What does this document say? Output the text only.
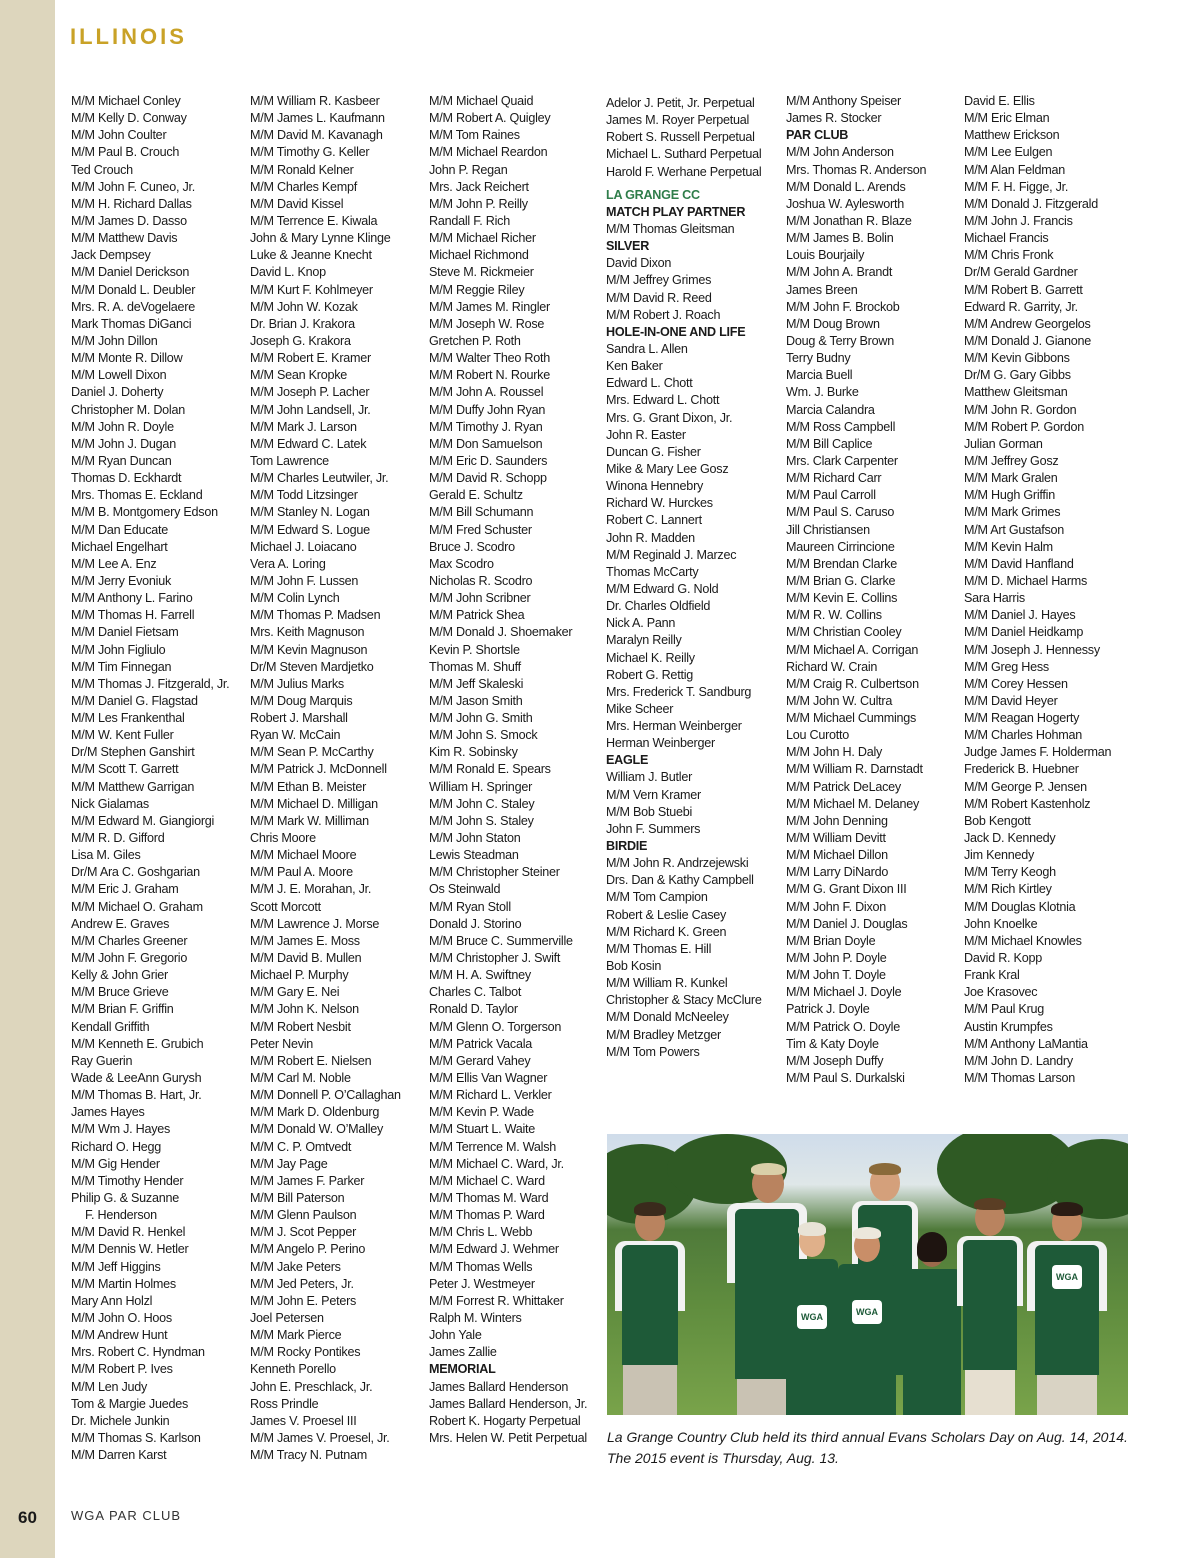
ILLINOIS
M/M Michael Conley
M/M Kelly D. Conway
M/M John Coulter
M/M Paul B. Crouch
Ted Crouch
M/M John F. Cuneo, Jr.
M/M H. Richard Dallas
M/M James D. Dasso
M/M Matthew Davis
Jack Dempsey
M/M Daniel Derickson
M/M Donald L. Deubler
Mrs. R. A. deVogelaere
Mark Thomas DiGanci
M/M John Dillon
M/M Monte R. Dillow
M/M Lowell Dixon
Daniel J. Doherty
Christopher M. Dolan
M/M John R. Doyle
M/M John J. Dugan
M/M Ryan Duncan
Thomas D. Eckhardt
Mrs. Thomas E. Eckland
M/M B. Montgomery Edson
M/M Dan Educate
Michael Engelhart
M/M Lee A. Enz
M/M Jerry Evoniuk
M/M Anthony L. Farino
M/M Thomas H. Farrell
M/M Daniel Fietsam
M/M John Figliulo
M/M Tim Finnegan
M/M Thomas J. Fitzgerald, Jr.
M/M Daniel G. Flagstad
M/M Les Frankenthal
M/M W. Kent Fuller
Dr/M Stephen Ganshirt
M/M Scott T. Garrett
M/M Matthew Garrigan
Nick Gialamas
M/M Edward M. Giangiorgi
M/M R. D. Gifford
Lisa M. Giles
Dr/M Ara C. Goshgarian
M/M Eric J. Graham
M/M Michael O. Graham
Andrew E. Graves
M/M Charles Greener
M/M John F. Gregorio
Kelly & John Grier
M/M Bruce Grieve
M/M Brian F. Griffin
Kendall Griffith
M/M Kenneth E. Grubich
Ray Guerin
Wade & LeeAnn Gurysh
M/M Thomas B. Hart, Jr.
James Hayes
M/M Wm J. Hayes
Richard O. Hegg
M/M Gig Hender
M/M Timothy Hender
Philip G. & Suzanne
F. Henderson
M/M David R. Henkel
M/M Dennis W. Hetler
M/M Jeff Higgins
M/M Martin Holmes
Mary Ann Holzl
M/M John O. Hoos
M/M Andrew Hunt
Mrs. Robert C. Hyndman
M/M Robert P. Ives
M/M Len Judy
Tom & Margie Juedes
Dr. Michele Junkin
M/M Thomas S. Karlson
M/M Darren Karst
M/M William R. Kasbeer
M/M James L. Kaufmann
M/M David M. Kavanagh
M/M Timothy G. Keller
M/M Ronald Kelner
M/M Charles Kempf
M/M David Kissel
M/M Terrence E. Kiwala
John & Mary Lynne Klinge
Luke & Jeanne Knecht
David L. Knop
M/M Kurt F. Kohlmeyer
M/M John W. Kozak
Dr. Brian J. Krakora
Joseph G. Krakora
M/M Robert E. Kramer
M/M Sean Kropke
M/M Joseph P. Lacher
M/M John Landsell, Jr.
M/M Mark J. Larson
M/M Edward C. Latek
Tom Lawrence
M/M Charles Leutwiler, Jr.
M/M Todd Litzsinger
M/M Stanley N. Logan
M/M Edward S. Logue
Michael J. Loiacano
Vera A. Loring
M/M John F. Lussen
M/M Colin Lynch
M/M Thomas P. Madsen
Mrs. Keith Magnuson
M/M Kevin Magnuson
Dr/M Steven Mardjetko
M/M Julius Marks
M/M Doug Marquis
Robert J. Marshall
Ryan W. McCain
M/M Sean P. McCarthy
M/M Patrick J. McDonnell
M/M Ethan B. Meister
M/M Michael D. Milligan
M/M Mark W. Milliman
Chris Moore
M/M Michael Moore
M/M Paul A. Moore
M/M J. E. Morahan, Jr.
Scott Morcott
M/M Lawrence J. Morse
M/M James E. Moss
M/M David B. Mullen
Michael P. Murphy
M/M Gary E. Nei
M/M John K. Nelson
M/M Robert Nesbit
Peter Nevin
M/M Robert E. Nielsen
M/M Carl M. Noble
M/M Donnell P. O’Callaghan
M/M Mark D. Oldenburg
M/M Donald W. O’Malley
M/M C. P. Omtvedt
M/M Jay Page
M/M James F. Parker
M/M Bill Paterson
M/M Glenn Paulson
M/M J. Scot Pepper
M/M Angelo P. Perino
M/M Jake Peters
M/M Jed Peters, Jr.
M/M John E. Peters
Joel Petersen
M/M Mark Pierce
M/M Rocky Pontikes
Kenneth Porello
John E. Preschlack, Jr.
Ross Prindle
James V. Proesel III
M/M James V. Proesel, Jr.
M/M Tracy N. Putnam
M/M Michael Quaid
M/M Robert A. Quigley
M/M Tom Raines
M/M Michael Reardon
John P. Regan
Mrs. Jack Reichert
M/M John P. Reilly
Randall F. Rich
M/M Michael Richer
Michael Richmond
Steve M. Rickmeier
M/M Reggie Riley
M/M James M. Ringler
M/M Joseph W. Rose
Gretchen P. Roth
M/M Walter Theo Roth
M/M Robert N. Rourke
M/M John A. Roussel
M/M Duffy John Ryan
M/M Timothy J. Ryan
M/M Don Samuelson
M/M Eric D. Saunders
M/M David R. Schopp
Gerald E. Schultz
M/M Bill Schumann
M/M Fred Schuster
Bruce J. Scodro
Max Scodro
Nicholas R. Scodro
M/M John Scribner
M/M Patrick Shea
M/M Donald J. Shoemaker
Kevin P. Shortsle
Thomas M. Shuff
M/M Jeff Skaleski
M/M Jason Smith
M/M John G. Smith
M/M John S. Smock
Kim R. Sobinsky
M/M Ronald E. Spears
William H. Springer
M/M John C. Staley
M/M John S. Staley
M/M John Staton
Lewis Steadman
M/M Christopher Steiner
Os Steinwald
M/M Ryan Stoll
Donald J. Storino
M/M Bruce C. Summerville
M/M Christopher J. Swift
M/M H. A. Swiftney
Charles C. Talbot
Ronald D. Taylor
M/M Glenn O. Torgerson
M/M Patrick Vacala
M/M Gerard Vahey
M/M Ellis Van Wagner
M/M Richard L. Verkler
M/M Kevin P. Wade
M/M Stuart L. Waite
M/M Terrence M. Walsh
M/M Michael C. Ward, Jr.
M/M Michael C. Ward
M/M Thomas M. Ward
M/M Thomas P. Ward
M/M Chris L. Webb
M/M Edward J. Wehmer
M/M Thomas Wells
Peter J. Westmeyer
M/M Forrest R. Whittaker
Ralph M. Winters
John Yale
James Zallie
MEMORIAL
James Ballard Henderson
James Ballard Henderson, Jr.
Robert K. Hogarty Perpetual
Mrs. Helen W. Petit Perpetual
Adelor J. Petit, Jr. Perpetual
James M. Royer Perpetual
Robert S. Russell Perpetual
Michael L. Suthard Perpetual
Harold F. Werhane Perpetual
LA GRANGE CC
MATCH PLAY PARTNER
M/M Thomas Gleitsman
SILVER
David Dixon
M/M Jeffrey Grimes
M/M David R. Reed
M/M Robert J. Roach
HOLE-IN-ONE AND LIFE
Sandra L. Allen
Ken Baker
Edward L. Chott
Mrs. Edward L. Chott
Mrs. G. Grant Dixon, Jr.
John R. Easter
Duncan G. Fisher
Mike & Mary Lee Gosz
Winona Hennebry
Richard W. Hurckes
Robert C. Lannert
John R. Madden
M/M Reginald J. Marzec
Thomas McCarty
M/M Edward G. Nold
Dr. Charles Oldfield
Nick A. Pann
Maralyn Reilly
Michael K. Reilly
Robert G. Rettig
Mrs. Frederick T. Sandburg
Mike Scheer
Mrs. Herman Weinberger
Herman Weinberger
EAGLE
William J. Butler
M/M Vern Kramer
M/M Bob Stuebi
John F. Summers
BIRDIE
M/M John R. Andrzejewski
Drs. Dan & Kathy Campbell
M/M Tom Campion
Robert & Leslie Casey
M/M Richard K. Green
M/M Thomas E. Hill
Bob Kosin
M/M William R. Kunkel
Christopher & Stacy McClure
M/M Donald McNeeley
M/M Bradley Metzger
M/M Tom Powers
M/M Anthony Speiser
James R. Stocker
PAR CLUB
M/M John Anderson
Mrs. Thomas R. Anderson
M/M Donald L. Arends
Joshua W. Aylesworth
M/M Jonathan R. Blaze
M/M James B. Bolin
Louis Bourjaily
M/M John A. Brandt
James Breen
M/M John F. Brockob
M/M Doug Brown
Doug & Terry Brown
Terry Budny
Marcia Buell
Wm. J. Burke
Marcia Calandra
M/M Ross Campbell
M/M Bill Caplice
Mrs. Clark Carpenter
M/M Richard Carr
M/M Paul Carroll
M/M Paul S. Caruso
Jill Christiansen
Maureen Cirrincione
M/M Brendan Clarke
M/M Brian G. Clarke
M/M Kevin E. Collins
M/M R. W. Collins
M/M Christian Cooley
M/M Michael A. Corrigan
Richard W. Crain
M/M Craig R. Culbertson
M/M John W. Cultra
M/M Michael Cummings
Lou Curotto
M/M John H. Daly
M/M William R. Darnstadt
M/M Patrick DeLacey
M/M Michael M. Delaney
M/M John Denning
M/M William Devitt
M/M Michael Dillon
M/M Larry DiNardo
M/M G. Grant Dixon III
M/M John F. Dixon
M/M Daniel J. Douglas
M/M Brian Doyle
M/M John P. Doyle
M/M John T. Doyle
M/M Michael J. Doyle
Patrick J. Doyle
M/M Patrick O. Doyle
Tim & Katy Doyle
M/M Joseph Duffy
M/M Paul S. Durkalski
David E. Ellis
M/M Eric Elman
Matthew Erickson
M/M Lee Eulgen
M/M Alan Feldman
M/M F. H. Figge, Jr.
M/M Donald J. Fitzgerald
M/M John J. Francis
Michael Francis
M/M Chris Fronk
Dr/M Gerald Gardner
M/M Robert B. Garrett
Edward R. Garrity, Jr.
M/M Andrew Georgelos
M/M Donald J. Gianone
M/M Kevin Gibbons
Dr/M G. Gary Gibbs
Matthew Gleitsman
M/M John R. Gordon
M/M Robert P. Gordon
Julian Gorman
M/M Jeffrey Gosz
M/M Mark Gralen
M/M Hugh Griffin
M/M Mark Grimes
M/M Art Gustafson
M/M Kevin Halm
M/M David Hanfland
M/M D. Michael Harms
Sara Harris
M/M Daniel J. Hayes
M/M Daniel Heidkamp
M/M Joseph J. Hennessy
M/M Greg Hess
M/M Corey Hessen
M/M David Heyer
M/M Reagan Hogerty
M/M Charles Hohman
Judge James F. Holderman
Frederick B. Huebner
M/M George P. Jensen
M/M Robert Kastenholz
Bob Kengott
Jack D. Kennedy
Jim Kennedy
M/M Terry Keogh
M/M Rich Kirtley
M/M Douglas Klotnia
John Knoelke
M/M Michael Knowles
David R. Kopp
Frank Kral
Joe Krasovec
M/M Paul Krug
Austin Krumpfes
M/M Anthony LaMantia
M/M John D. Landry
M/M Thomas Larson
WGA	WGA
WGA
La Grange Country Club held its third annual Evans Scholars Day on Aug. 14, 2014. The 2015 event is Thursday, Aug. 13.
60	WGA PAR CLUB
